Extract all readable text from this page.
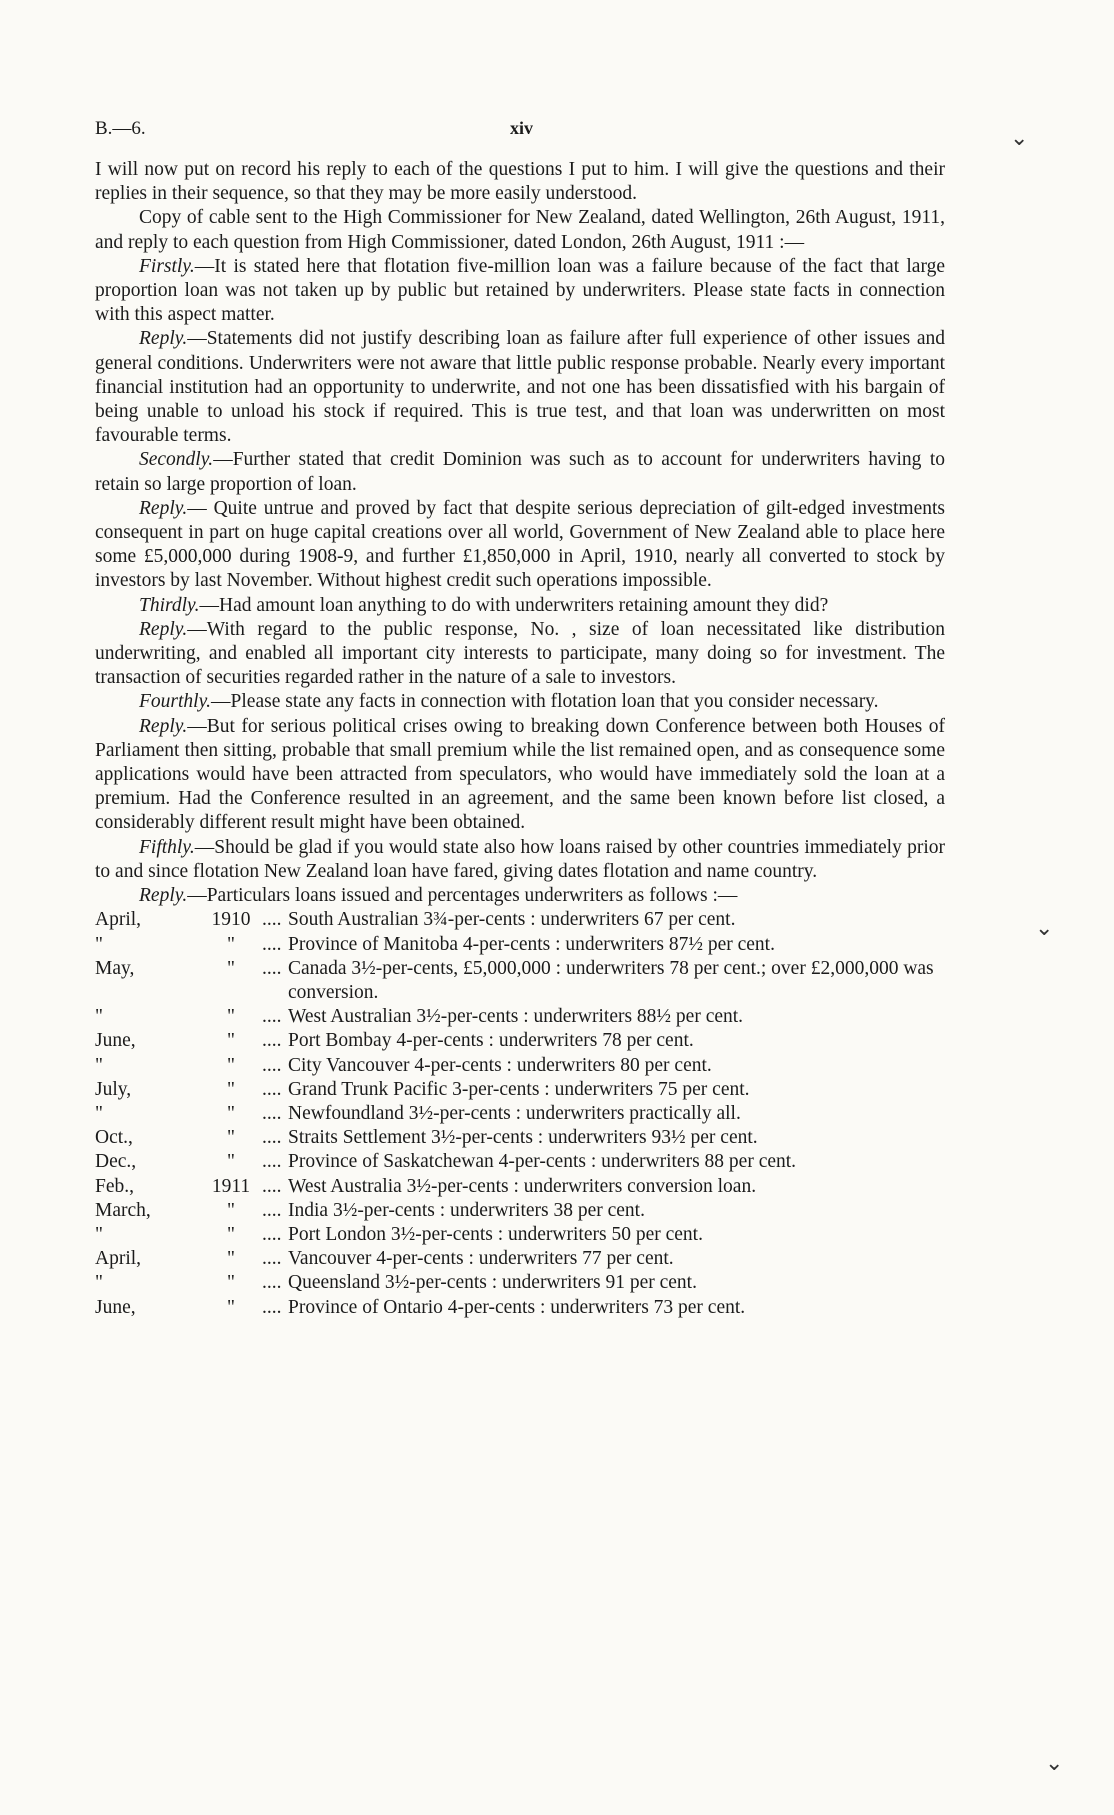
⌄
⌄
⌄
B.—6.	xiv

I will now put on record his reply to each of the questions I put to him. I will give the questions and their replies in their sequence, so that they may be more easily understood.

Copy of cable sent to the High Commissioner for New Zealand, dated Wellington, 26th August, 1911, and reply to each question from High Commissioner, dated London, 26th August, 1911 :—

Firstly.—It is stated here that flotation five-million loan was a failure because of the fact that large proportion loan was not taken up by public but retained by underwriters. Please state facts in connection with this aspect matter.

Reply.—Statements did not justify describing loan as failure after full experience of other issues and general conditions. Underwriters were not aware that little public response probable. Nearly every important financial institution had an opportunity to underwrite, and not one has been dissatisfied with his bargain of being unable to unload his stock if required. This is true test, and that loan was underwritten on most favourable terms.

Secondly.—Further stated that credit Dominion was such as to account for underwriters having to retain so large proportion of loan.

Reply.— Quite untrue and proved by fact that despite serious depreciation of gilt-edged investments consequent in part on huge capital creations over all world, Government of New Zealand able to place here some £5,000,000 during 1908-9, and further £1,850,000 in April, 1910, nearly all converted to stock by investors by last November. Without highest credit such operations impossible.

Thirdly.—Had amount loan anything to do with underwriters retaining amount they did?

Reply.—With regard to the public response, No. , size of loan necessitated like distribution underwriting, and enabled all important city interests to participate, many doing so for investment. The transaction of securities regarded rather in the nature of a sale to investors.

Fourthly.—Please state any facts in connection with flotation loan that you consider necessary.

Reply.—But for serious political crises owing to breaking down Conference between both Houses of Parliament then sitting, probable that small premium while the list remained open, and as consequence some applications would have been attracted from speculators, who would have immediately sold the loan at a premium. Had the Conference resulted in an agreement, and the same been known before list closed, a considerably different result might have been obtained.

Fifthly.—Should be glad if you would state also how loans raised by other countries immediately prior to and since flotation New Zealand loan have fared, giving dates flotation and name country.

Reply.—Particulars loans issued and percentages underwriters as follows :—

April,	1910	....	South Australian 3¾-per-cents : underwriters 67 per cent.
"	"	....	Province of Manitoba 4-per-cents : underwriters 87½ per cent.
May,	"	....	Canada 3½-per-cents, £5,000,000 : underwriters 78 per cent.; over £2,000,000 was conversion.
"	"	....	West Australian 3½-per-cents : underwriters 88½ per cent.
June,	"	....	Port Bombay 4-per-cents : underwriters 78 per cent.
"	"	....	City Vancouver 4-per-cents : underwriters 80 per cent.
July,	"	....	Grand Trunk Pacific 3-per-cents : underwriters 75 per cent.
"	"	....	Newfoundland 3½-per-cents : underwriters practically all.
Oct.,	"	....	Straits Settlement 3½-per-cents : underwriters 93½ per cent.
Dec.,	"	....	Province of Saskatchewan 4-per-cents : underwriters 88 per cent.
Feb.,	1911	....	West Australia 3½-per-cents : underwriters conversion loan.
March,	"	....	India 3½-per-cents : underwriters 38 per cent.
"	"	....	Port London 3½-per-cents : underwriters 50 per cent.
April,	"	....	Vancouver 4-per-cents : underwriters 77 per cent.
"	"	....	Queensland 3½-per-cents : underwriters 91 per cent.
June,	"	....	Province of Ontario 4-per-cents : underwriters 73 per cent.
